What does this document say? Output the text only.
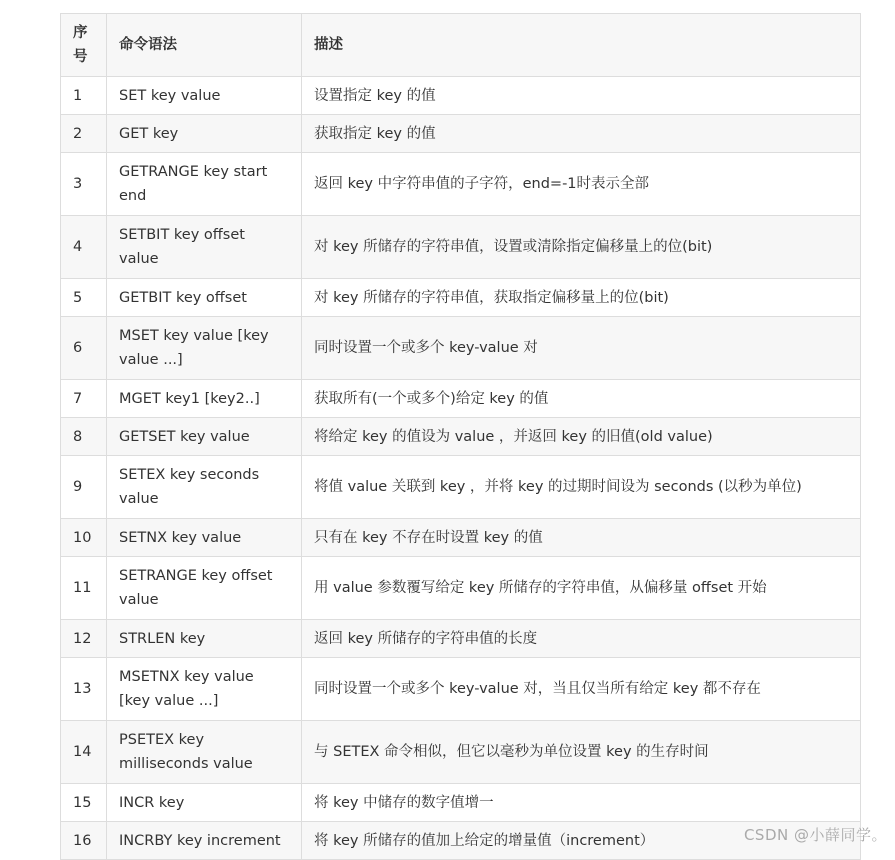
序号	命令语法	描述
1	SET key value	设置指定 key 的值
2	GET key	获取指定 key 的值
3	GETRANGE key start end	返回 key 中字符串值的子字符，end=-1时表示全部
4	SETBIT key offset value	对 key 所储存的字符串值，设置或清除指定偏移量上的位(bit)
5	GETBIT key offset	对 key 所储存的字符串值，获取指定偏移量上的位(bit)
6	MSET key value [key value ...]	同时设置一个或多个 key-value 对
7	MGET key1 [key2..]	获取所有(一个或多个)给定 key 的值
8	GETSET key value	将给定 key 的值设为 value ，并返回 key 的旧值(old value)
9	SETEX key seconds value	将值 value 关联到 key ，并将 key 的过期时间设为 seconds (以秒为单位)
10	SETNX key value	只有在 key 不存在时设置 key 的值
11	SETRANGE key offset value	用 value 参数覆写给定 key 所储存的字符串值，从偏移量 offset 开始
12	STRLEN key	返回 key 所储存的字符串值的长度
13	MSETNX key value [key value ...]	同时设置一个或多个 key-value 对，当且仅当所有给定 key 都不存在
14	PSETEX key milliseconds value	与 SETEX 命令相似，但它以毫秒为单位设置 key 的生存时间
15	INCR key	将 key 中储存的数字值增一
16	INCRBY key increment	将 key 所储存的值加上给定的增量值（increment）	CSDN @小薛同学。
